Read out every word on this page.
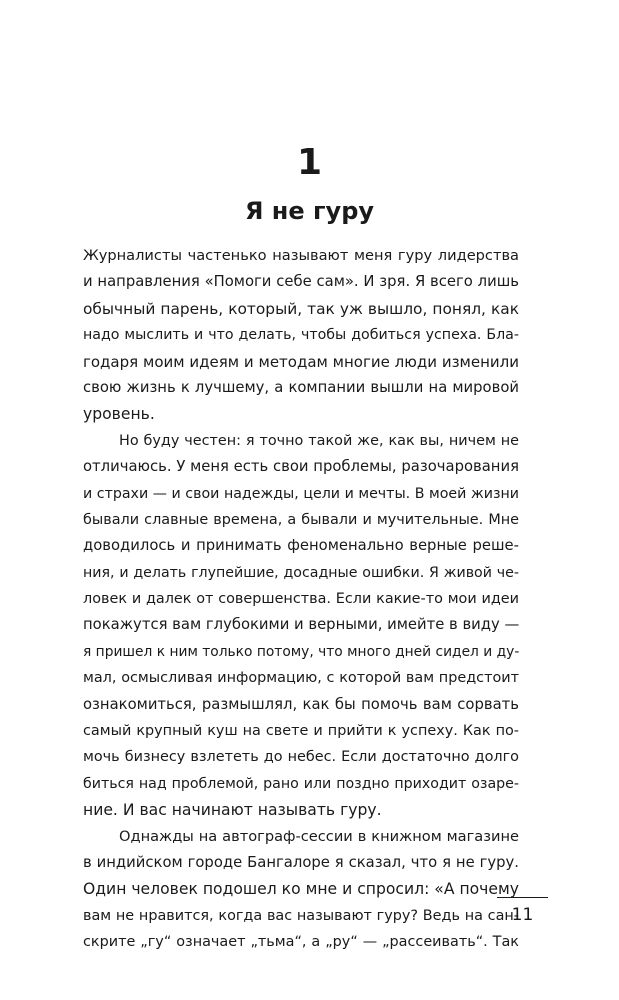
1
Я не гуру
Журналисты частенько называют меня гуру лидерства
и направления «Помоги себе сам». И зря. Я всего лишь
обычный парень, который, так уж вышло, понял, как
надо мыслить и что делать, чтобы добиться успеха. Бла-
годаря моим идеям и методам многие люди изменили
свою жизнь к лучшему, а компании вышли на мировой
уровень.
Но буду честен: я точно такой же, как вы, ничем не
отличаюсь. У меня есть свои проблемы, разочарования
и страхи — и свои надежды, цели и мечты. В моей жизни
бывали славные времена, а бывали и мучительные. Мне
доводилось и принимать феноменально верные реше-
ния, и делать глупейшие, досадные ошибки. Я живой че-
ловек и далек от совершенства. Если какие-то мои идеи
покажутся вам глубокими и верными, имейте в виду —
я пришел к ним только потому, что много дней сидел и ду-
мал, осмысливая информацию, с которой вам предстоит
ознакомиться, размышлял, как бы помочь вам сорвать
самый крупный куш на свете и прийти к успеху. Как по-
мочь бизнесу взлететь до небес. Если достаточно долго
биться над проблемой, рано или поздно приходит озаре-
ние. И вас начинают называть гуру.
Однажды на автограф-сессии в книжном магазине
в индийском городе Бангалоре я сказал, что я не гуру.
Один человек подошел ко мне и спросил: «А почему
вам не нравится, когда вас называют гуру? Ведь на сан-
скрите „гу“ означает „тьма“, а „ру“ — „рассеивать“. Так
11
